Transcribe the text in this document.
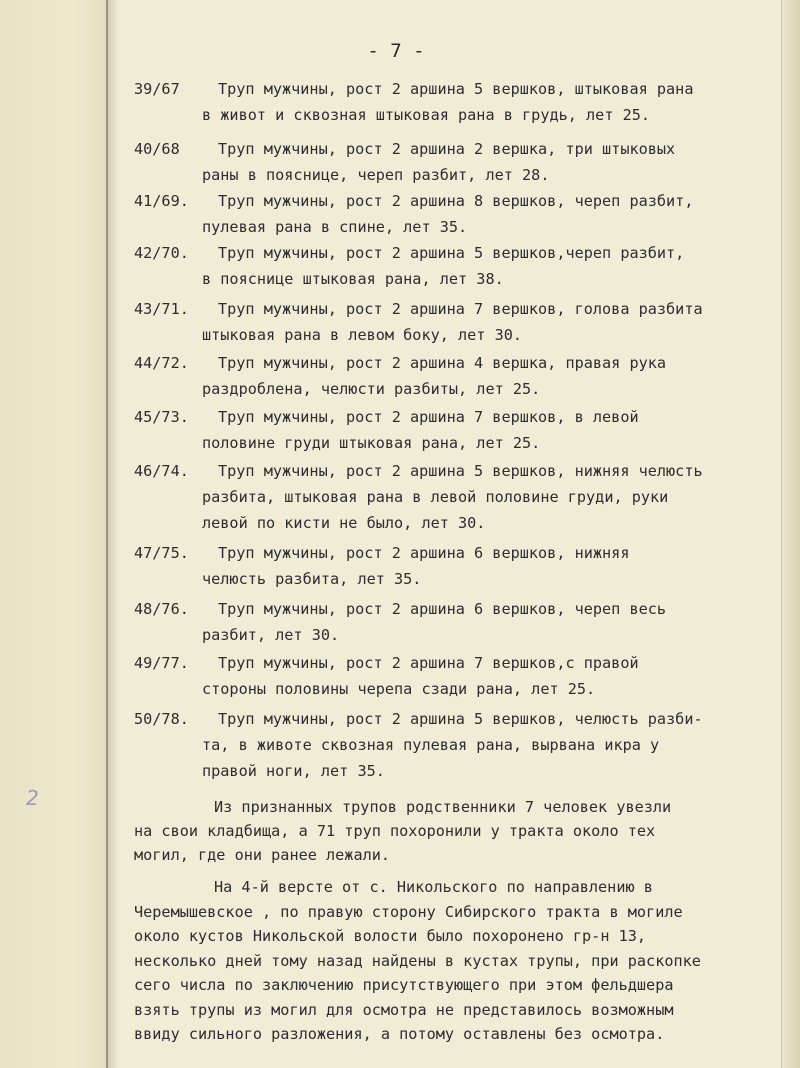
2
- 7 -
39/67	Труп мужчины, рост 2 аршина 5 вершков, штыковая рана
в живот и сквозная штыковая рана в грудь, лет 25.
40/68	Труп мужчины, рост 2 аршина 2 вершка, три штыковых
раны в пояснице, череп разбит, лет 28.
41/69.	Труп мужчины, рост 2 аршина 8 вершков, череп разбит,
пулевая рана в спине, лет 35.
42/70.	Труп мужчины, рост 2 аршина 5 вершков,череп разбит,
в пояснице штыковая рана, лет 38.
43/71.	Труп мужчины, рост 2 аршина 7 вершков, голова разбита
штыковая рана в левом боку, лет 30.
44/72.	Труп мужчины, рост 2 аршина 4 вершка, правая рука
раздроблена, челюсти разбиты, лет 25.
45/73.	Труп мужчины, рост 2 аршина 7 вершков, в левой
половине груди штыковая рана, лет 25.
46/74.	Труп мужчины, рост 2 аршина 5 вершков, нижняя челюсть
разбита, штыковая рана в левой половине груди, руки
левой по кисти не было, лет 30.
47/75.	Труп мужчины, рост 2 аршина 6 вершков, нижняя
челюсть разбита, лет 35.
48/76.	Труп мужчины, рост 2 аршина 6 вершков, череп весь
разбит, лет 30.
49/77.	Труп мужчины, рост 2 аршина 7 вершков,с правой
стороны половины черепа сзади рана, лет 25.
50/78.	Труп мужчины, рост 2 аршина 5 вершков, челюсть разби-
та, в животе сквозная пулевая рана, вырвана икра у
правой ноги, лет 35.
Из признанных трупов родственники 7 человек увезли
на свои кладбища, а 71 труп похоронили у тракта около тех
могил, где они ранее лежали.
На 4-й версте от с. Никольского по направлению в
Черемышевское , по правую сторону Сибирского тракта в могиле
около кустов Никольской волости было похоронено гр-н 13,
несколько дней тому назад найдены в кустах трупы, при раскопке
сего числа по заключению присутствующего при этом фельдшера
взять трупы из могил для осмотра не представилось возможным
ввиду сильного разложения, а потому оставлены без осмотра.
